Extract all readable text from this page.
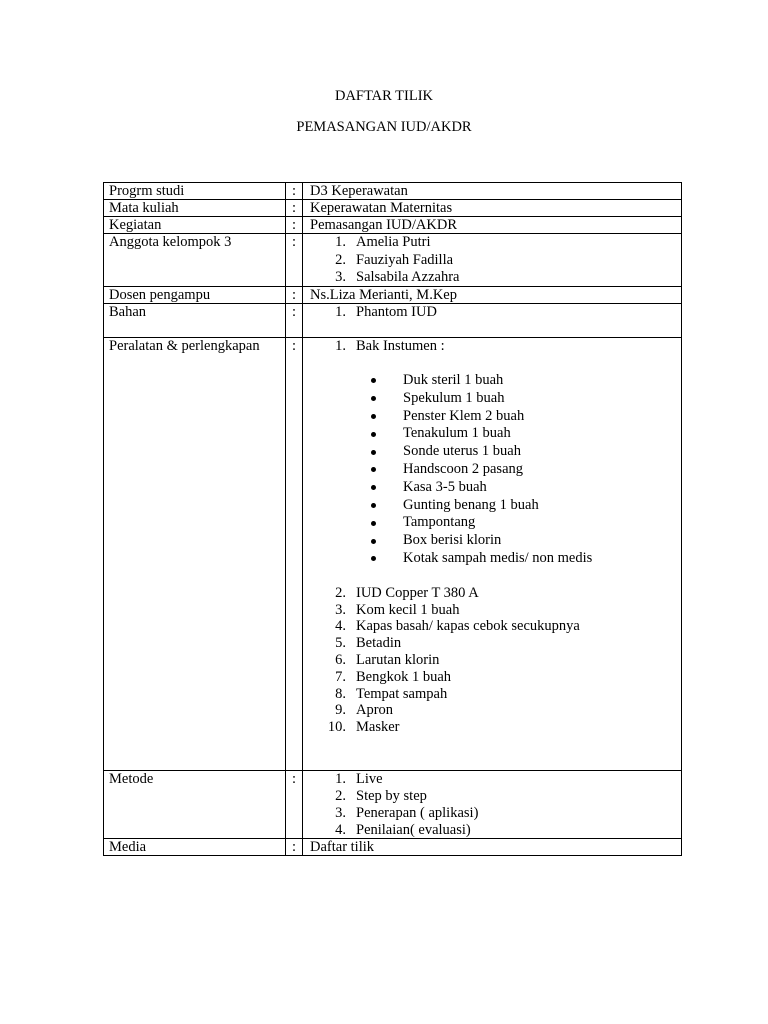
DAFTAR TILIK
PEMASANGAN IUD/AKDR
Progrm studi	: D3 Keperawatan
Mata kuliah	: Keperawatan Maternitas
Kegiatan	: Pemasangan IUD/AKDR
Anggota kelompok 3	:	1. Amelia Putri
2. Fauziyah Fadilla
3. Salsabila Azzahra
Dosen pengampu	: Ns.Liza Merianti, M.Kep
Bahan	:	1. Phantom IUD
Peralatan & perlengkapan	:	1. Bak Instumen :
Duk steril 1 buah
Spekulum 1 buah
Penster Klem 2 buah
Tenakulum 1 buah
Sonde uterus 1 buah
Handscoon 2 pasang
Kasa 3-5 buah
Gunting benang 1 buah
Tampontang
Box berisi klorin
Kotak sampah medis/ non medis
2. IUD Copper T 380 A
3. Kom kecil 1 buah
4. Kapas basah/ kapas cebok secukupnya
5. Betadin
6. Larutan klorin
7. Bengkok 1 buah
8. Tempat sampah
9. Apron
10. Masker
Metode	:	1. Live
2. Step by step
3. Penerapan ( aplikasi)
4. Penilaian( evaluasi)
Media	: Daftar tilik
